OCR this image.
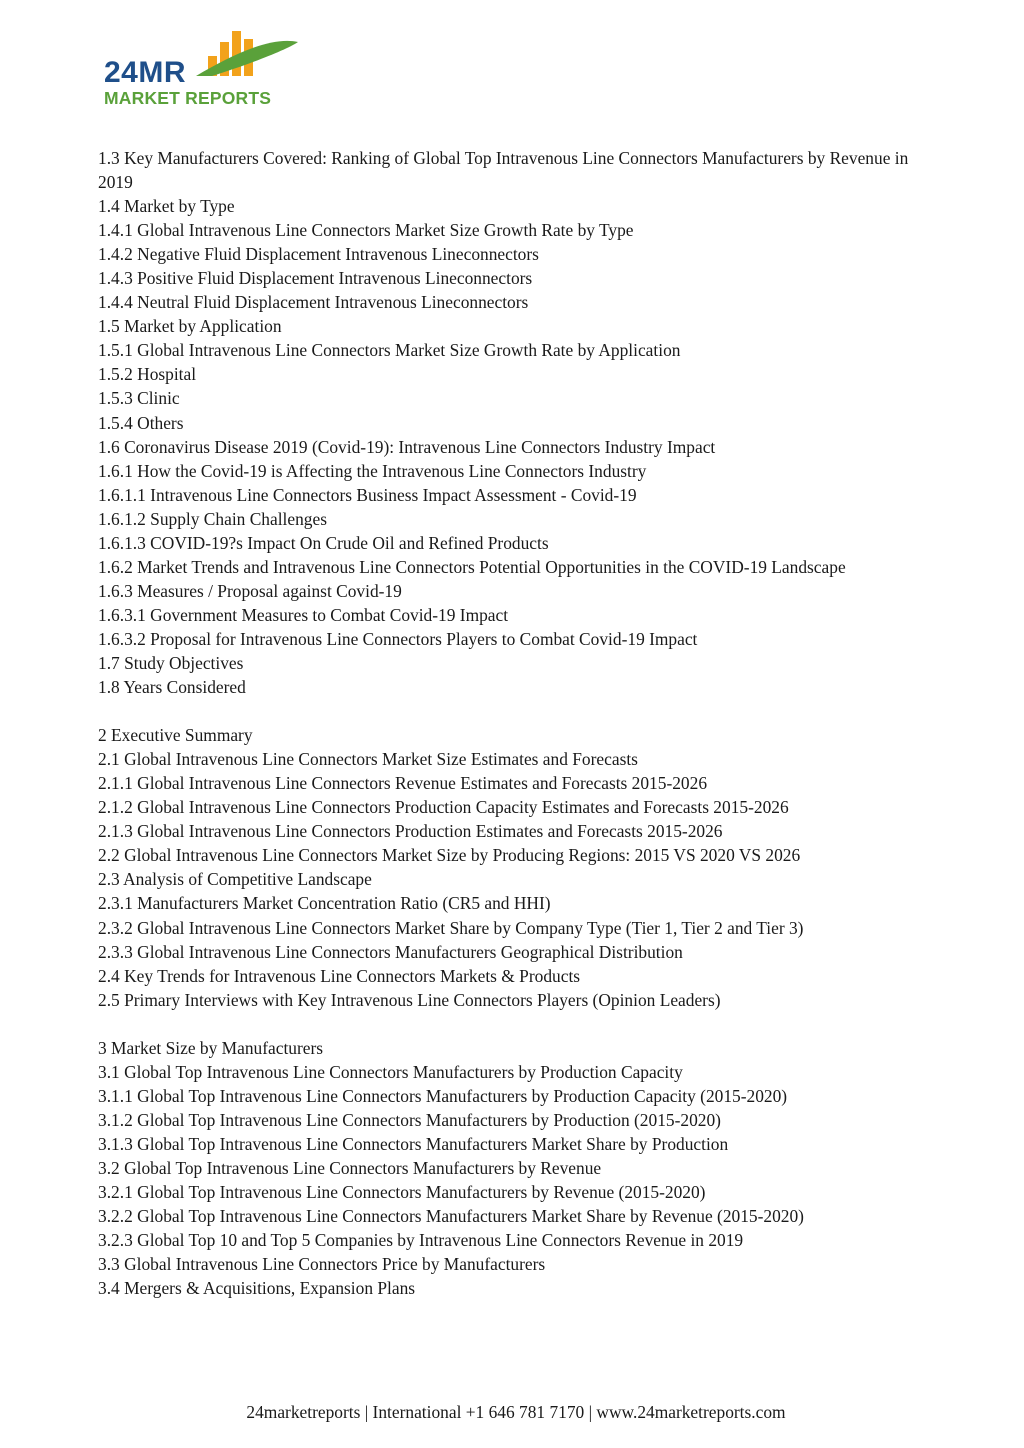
24MR
MARKET REPORTS
1.3 Key Manufacturers Covered: Ranking of Global Top Intravenous Line Connectors Manufacturers by Revenue in 2019
1.4 Market by Type
1.4.1 Global Intravenous Line Connectors Market Size Growth Rate by Type
1.4.2 Negative Fluid Displacement Intravenous Lineconnectors
1.4.3 Positive Fluid Displacement Intravenous Lineconnectors
1.4.4 Neutral Fluid Displacement Intravenous Lineconnectors
1.5 Market by Application
1.5.1 Global Intravenous Line Connectors Market Size Growth Rate by Application
1.5.2 Hospital
1.5.3 Clinic
1.5.4 Others
1.6 Coronavirus Disease 2019 (Covid-19): Intravenous Line Connectors Industry Impact
1.6.1 How the Covid-19 is Affecting the Intravenous Line Connectors Industry
1.6.1.1 Intravenous Line Connectors Business Impact Assessment - Covid-19
1.6.1.2 Supply Chain Challenges
1.6.1.3 COVID-19?s Impact On Crude Oil and Refined Products
1.6.2 Market Trends and Intravenous Line Connectors Potential Opportunities in the COVID-19 Landscape
1.6.3 Measures / Proposal against Covid-19
1.6.3.1 Government Measures to Combat Covid-19 Impact
1.6.3.2 Proposal for Intravenous Line Connectors Players to Combat Covid-19 Impact
1.7 Study Objectives
1.8 Years Considered
2 Executive Summary
2.1 Global Intravenous Line Connectors Market Size Estimates and Forecasts
2.1.1 Global Intravenous Line Connectors Revenue Estimates and Forecasts 2015-2026
2.1.2 Global Intravenous Line Connectors Production Capacity Estimates and Forecasts 2015-2026
2.1.3 Global Intravenous Line Connectors Production Estimates and Forecasts 2015-2026
2.2 Global Intravenous Line Connectors Market Size by Producing Regions: 2015 VS 2020 VS 2026
2.3 Analysis of Competitive Landscape
2.3.1 Manufacturers Market Concentration Ratio (CR5 and HHI)
2.3.2 Global Intravenous Line Connectors Market Share by Company Type (Tier 1, Tier 2 and Tier 3)
2.3.3 Global Intravenous Line Connectors Manufacturers Geographical Distribution
2.4 Key Trends for Intravenous Line Connectors Markets & Products
2.5 Primary Interviews with Key Intravenous Line Connectors Players (Opinion Leaders)
3 Market Size by Manufacturers
3.1 Global Top Intravenous Line Connectors Manufacturers by Production Capacity
3.1.1 Global Top Intravenous Line Connectors Manufacturers by Production Capacity (2015-2020)
3.1.2 Global Top Intravenous Line Connectors Manufacturers by Production (2015-2020)
3.1.3 Global Top Intravenous Line Connectors Manufacturers Market Share by Production
3.2 Global Top Intravenous Line Connectors Manufacturers by Revenue
3.2.1 Global Top Intravenous Line Connectors Manufacturers by Revenue (2015-2020)
3.2.2 Global Top Intravenous Line Connectors Manufacturers Market Share by Revenue (2015-2020)
3.2.3 Global Top 10 and Top 5 Companies by Intravenous Line Connectors Revenue in 2019
3.3 Global Intravenous Line Connectors Price by Manufacturers
3.4 Mergers & Acquisitions, Expansion Plans
24marketreports | International +1 646 781 7170 | www.24marketreports.com
